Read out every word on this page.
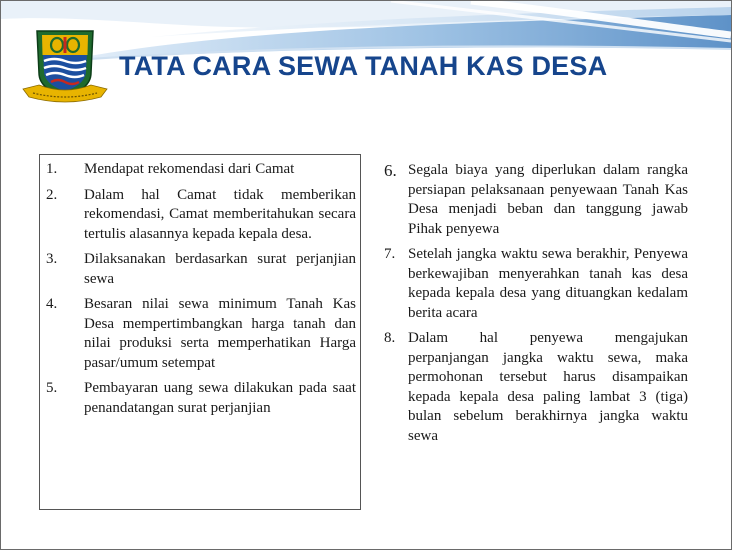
TATA CARA SEWA TANAH KAS DESA
1.	Mendapat rekomendasi dari Camat
2.	Dalam hal Camat tidak memberikan rekomendasi, Camat memberitahukan secara tertulis alasannya kepada kepala desa.
3.	Dilaksanakan berdasarkan surat perjanjian sewa
4.	Besaran nilai sewa minimum Tanah Kas Desa mempertimbangkan harga tanah dan nilai produksi serta memperhatikan Harga pasar/umum setempat
5.	Pembayaran uang sewa dilakukan pada saat penandatangan surat perjanjian
6. Segala biaya yang diperlukan dalam rangka persiapan pelaksanaan penyewaan Tanah Kas Desa menjadi beban dan tanggung jawab Pihak penyewa
7. Setelah jangka waktu sewa berakhir, Penyewa berkewajiban menyerahkan tanah kas desa kepada kepala desa yang dituangkan kedalam berita acara
8. Dalam hal penyewa mengajukan perpanjangan jangka waktu sewa, maka permohonan tersebut harus disampaikan kepada kepala desa paling lambat 3 (tiga) bulan sebelum berakhirnya jangka waktu sewa
